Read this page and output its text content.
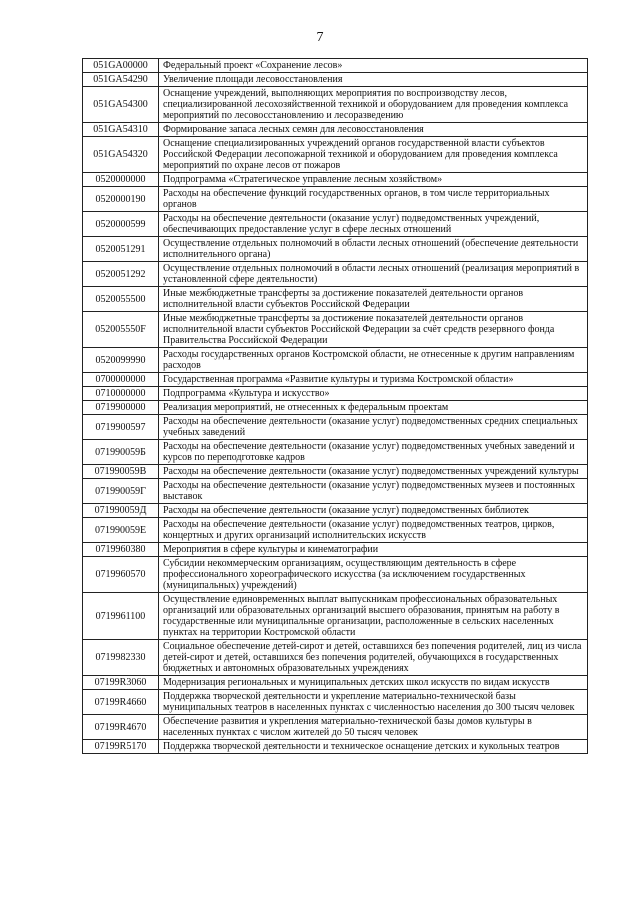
7
051GA00000	Федеральный проект «Сохранение лесов»
051GA54290	Увеличение площади лесовосстановления
051GA54300	Оснащение учреждений, выполняющих мероприятия по воспроизводству лесов, специализированной лесохозяйственной техникой и оборудованием для проведения комплекса мероприятий по лесовосстановлению и лесоразведению
051GA54310	Формирование запаса лесных семян для лесовосстановления
051GA54320	Оснащение специализированных учреждений органов государственной власти субъектов Российской Федерации лесопожарной техникой и оборудованием для проведения комплекса мероприятий по охране лесов от пожаров
0520000000	Подпрограмма «Стратегическое управление лесным хозяйством»
0520000190	Расходы на обеспечение функций государственных органов, в том числе территориальных органов
0520000599	Расходы на обеспечение деятельности (оказание услуг) подведомственных учреждений, обеспечивающих предоставление услуг в сфере лесных отношений
0520051291	Осуществление отдельных полномочий в области лесных отношений (обеспечение деятельности исполнительного органа)
0520051292	Осуществление отдельных полномочий в области лесных отношений (реализация мероприятий в установленной сфере деятельности)
0520055500	Иные межбюджетные трансферты за достижение показателей деятельности органов исполнительной власти субъектов Российской Федерации
052005550F	Иные межбюджетные трансферты за достижение показателей деятельности органов исполнительной власти субъектов Российской Федерации за счёт средств резервного фонда Правительства Российской Федерации
0520099990	Расходы государственных органов Костромской области, не отнесенные к другим направлениям расходов
0700000000	Государственная программа «Развитие культуры и туризма Костромской области»
0710000000	Подпрограмма «Культура и искусство»
0719900000	Реализация мероприятий, не отнесенных к федеральным проектам
0719900597	Расходы на обеспечение деятельности (оказание услуг) подведомственных средних специальных учебных заведений
071990059Б	Расходы на обеспечение деятельности (оказание услуг) подведомственных учебных заведений и курсов по переподготовке кадров
071990059В	Расходы на обеспечение деятельности (оказание услуг) подведомственных учреждений культуры
071990059Г	Расходы на обеспечение деятельности (оказание услуг) подведомственных музеев и постоянных выставок
071990059Д	Расходы на обеспечение деятельности (оказание услуг) подведомственных библиотек
071990059Е	Расходы на обеспечение деятельности (оказание услуг) подведомственных театров, цирков, концертных и других организаций исполнительских искусств
0719960380	Мероприятия в сфере культуры и кинематографии
0719960570	Субсидии некоммерческим организациям, осуществляющим деятельность в сфере профессионального хореографического искусства (за исключением государственных (муниципальных) учреждений)
0719961100	Осуществление единовременных выплат выпускникам профессиональных образовательных организаций или образовательных организаций высшего образования, принятым на работу в государственные или муниципальные организации, расположенные в сельских населенных пунктах на территории Костромской области
0719982330	Социальное обеспечение детей-сирот и детей, оставшихся без попечения родителей, лиц из числа детей-сирот и детей, оставшихся без попечения родителей, обучающихся в государственных бюджетных и автономных образовательных учреждениях
07199R3060	Модернизация региональных и муниципальных детских школ искусств по видам искусств
07199R4660	Поддержка творческой деятельности и укрепление материально-технической базы муниципальных театров в населенных пунктах с численностью населения до 300 тысяч человек
07199R4670	Обеспечение развития и укрепления материально-технической базы домов культуры в населенных пунктах с числом жителей до 50 тысяч человек
07199R5170	Поддержка творческой деятельности и техническое оснащение детских и кукольных театров
